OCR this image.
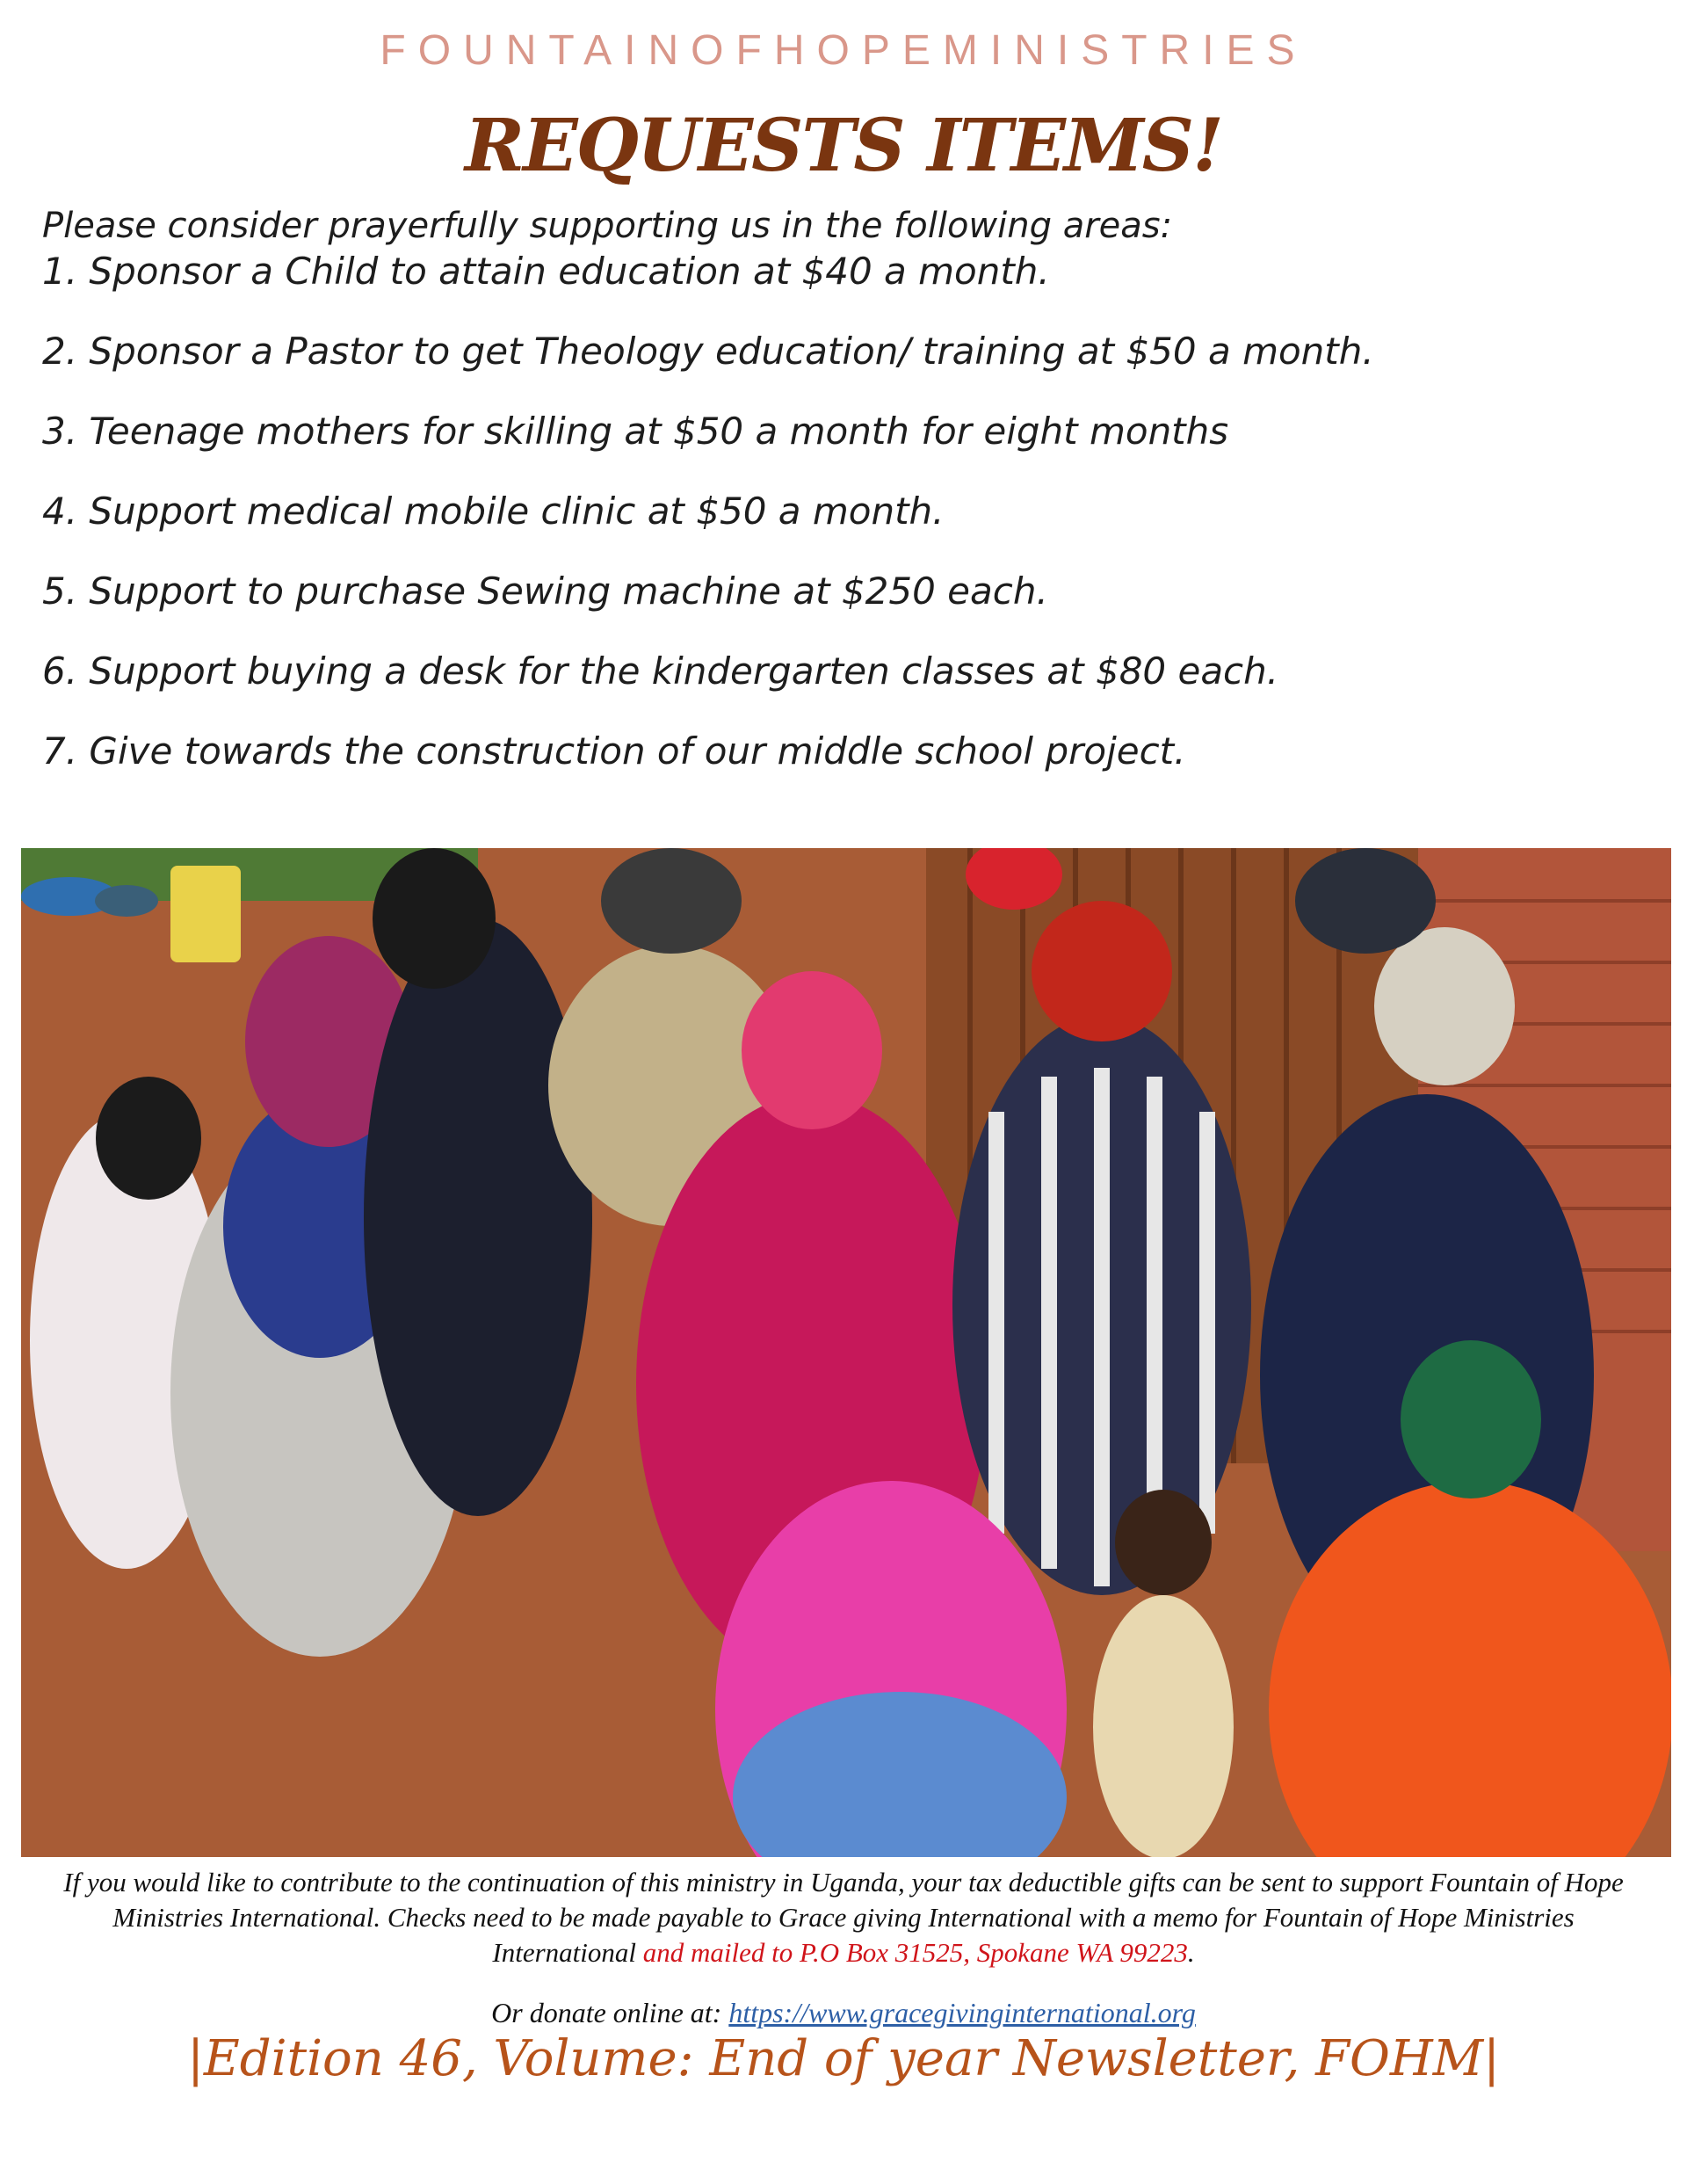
FOUNTAINOFHOPEMINISTRIES
REQUESTS ITEMS!
Please consider prayerfully supporting us in the following areas:
1. Sponsor a Child to attain education at $40 a month.
2. Sponsor a Pastor to get Theology education/ training at $50 a month.
3. Teenage mothers for skilling at $50 a month for eight months
4. Support medical mobile clinic at $50 a month.
5. Support to purchase Sewing machine at $250 each.
6. Support buying a desk for the kindergarten classes at $80 each.
7. Give towards the construction of our middle school project.
If you would like to contribute to the continuation of this ministry in Uganda, your tax deductible gifts can be sent to support Fountain of Hope Ministries International. Checks need to be made payable to Grace giving International with a memo for Fountain of Hope Ministries International and mailed to P.O Box 31525, Spokane WA 99223.
Or donate online at: https://www.gracegivinginternational.org
|Edition 46, Volume: End of year Newsletter, FOHM|
